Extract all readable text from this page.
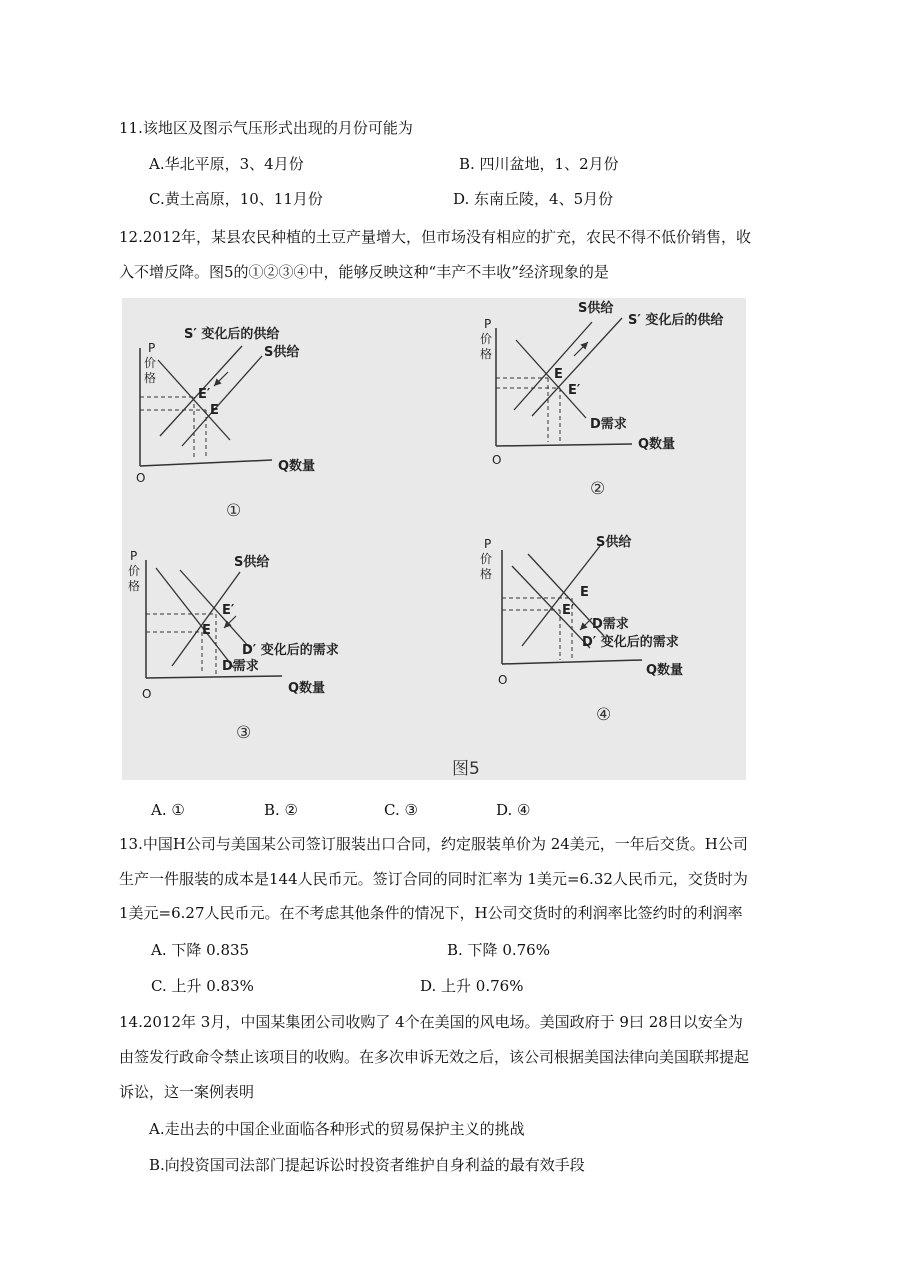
11.该地区及图示气压形式出现的月份可能为
A.华北平原，3、4月份	B. 四川盆地，1、2月份
C.黄土高原，10、11月份	D. 东南丘陵，4、5月份
12.2012年，某县农民种植的土豆产量增大，但市场没有相应的扩充，农民不得不低价销售，收
入不增反降。图5的①②③④中，能够反映这种“丰产不丰收”经济现象的是
P
价
格
O
Q数量
S′ 变化后的供给
S供给
E′
E
①
P
价
格
O
Q数量
S供给
S′ 变化后的供给
E
E′
D需求
②
P
价
格
O	Q数量
S供给
E′
E
D′ 变化后的需求
D需求
③
P
价
格
O
Q数量
S供给
E
E′
D需求
D′ 变化后的需求
④
图5
A. ①	B. ②	C. ③	D. ④
13.中国H公司与美国某公司签订服装出口合同，约定服装单价为 24美元，一年后交货。H公司
生产一件服装的成本是144人民币元。签订合同的同时汇率为 1美元=6.32人民币元，交货时为
1美元=6.27人民币元。在不考虑其他条件的情况下，H公司交货时的利润率比签约时的利润率
A. 下降 0.835	B. 下降 0.76%
C. 上升 0.83%	D. 上升 0.76%
14.2012年 3月，中国某集团公司收购了 4个在美国的风电场。美国政府于 9曰 28日以安全为
由签发行政命令禁止该项目的收购。在多次申诉无效之后，该公司根据美国法律向美国联邦提起
诉讼，这一案例表明
A.走出去的中国企业面临各种形式的贸易保护主义的挑战
B.向投资国司法部门提起诉讼时投资者维护自身利益的最有效手段
